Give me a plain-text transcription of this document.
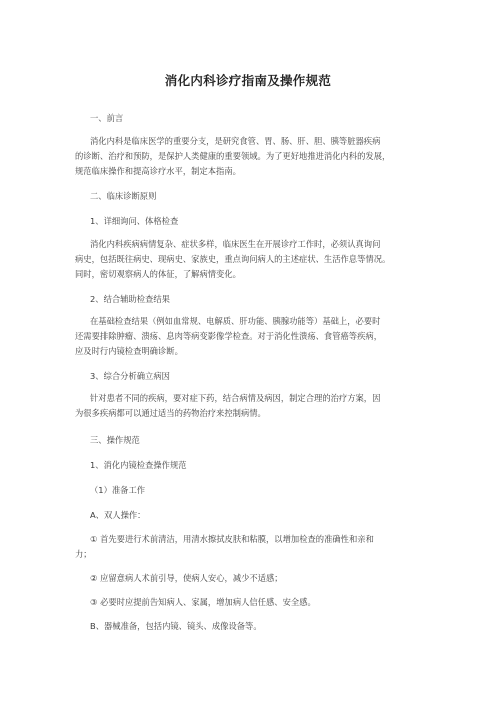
消化内科诊疗指南及操作规范
一、前言
消化内科是临床医学的重要分支，是研究食管、胃、肠、肝、胆、胰等脏器疾病
的诊断、治疗和预防，是保护人类健康的重要领域。为了更好地推进消化内科的发展，
规范临床操作和提高诊疗水平，制定本指南。
二、临床诊断原则
1、详细询问、体格检查
消化内科疾病病情复杂、症状多样，临床医生在开展诊疗工作时，必须认真询问
病史，包括既往病史、现病史、家族史，重点询问病人的主述症状、生活作息等情况。
同时，密切观察病人的体征，了解病情变化。
2、结合辅助检查结果
在基础检查结果（例如血常规、电解质、肝功能、胰腺功能等）基础上，必要时
还需要排除肿瘤、溃疡、息肉等病变影像学检查。对于消化性溃疡、食管癌等疾病，
应及时行内镜检查明确诊断。
3、综合分析确立病因
针对患者不同的疾病，要对症下药，结合病情及病因，制定合理的治疗方案，因
为很多疾病都可以通过适当的药物治疗来控制病情。
三、操作规范
1、消化内镜检查操作规范
（1）准备工作
A、双人操作：
① 首先要进行术前清洁，用清水擦拭皮肤和粘膜，以增加检查的准确性和亲和
力；
② 应留意病人术前引导，使病人安心，减少不适感；
③ 必要时应提前告知病人、家属，增加病人信任感、安全感。
B、器械准备，包括内镜、镜头、成像设备等。
